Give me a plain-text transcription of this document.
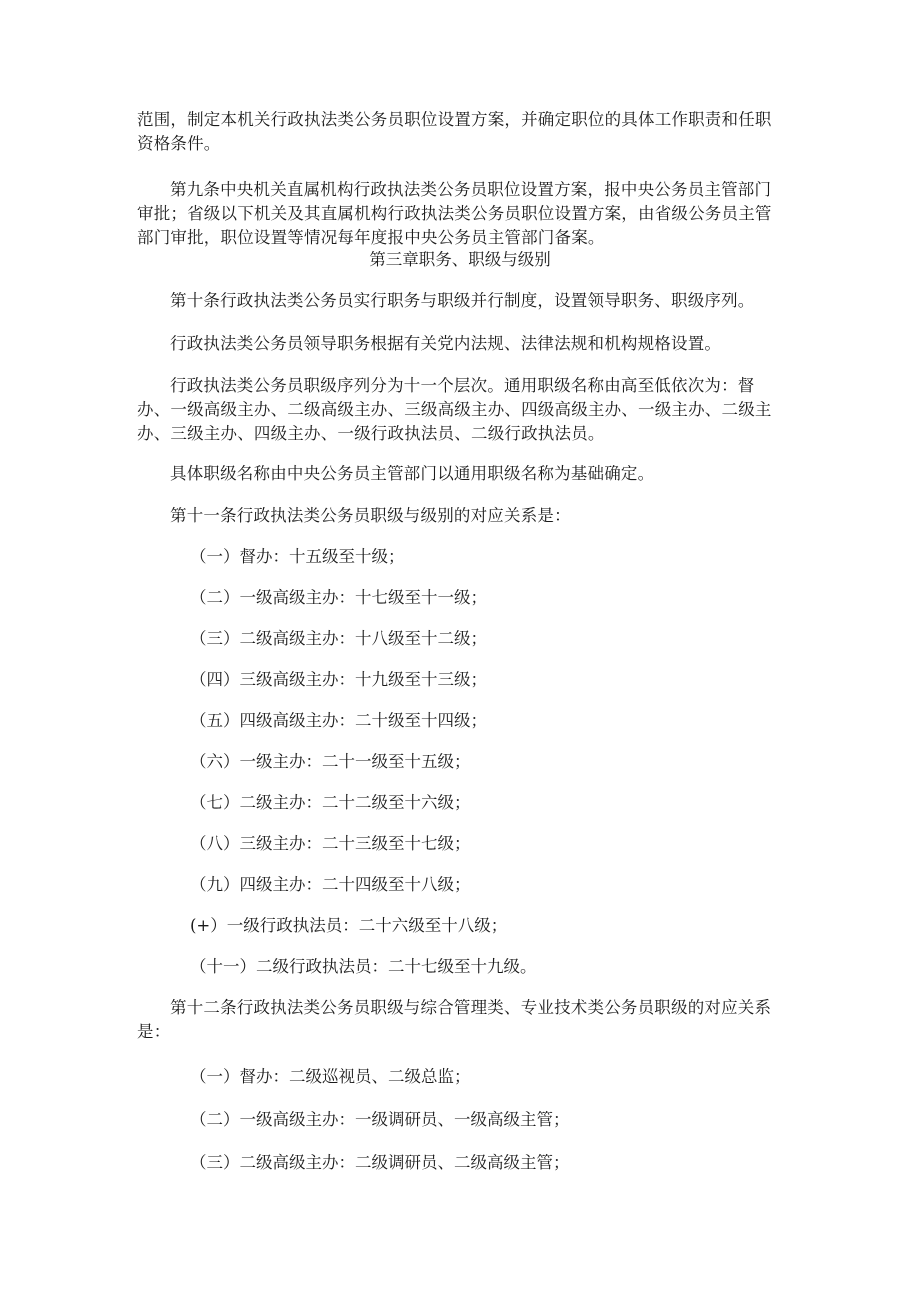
范围，制定本机关行政执法类公务员职位设置方案，并确定职位的具体工作职责和任职资格条件。
第九条中央机关直属机构行政执法类公务员职位设置方案，报中央公务员主管部门审批；省级以下机关及其直属机构行政执法类公务员职位设置方案，由省级公务员主管部门审批，职位设置等情况每年度报中央公务员主管部门备案。
第三章职务、职级与级别
第十条行政执法类公务员实行职务与职级并行制度，设置领导职务、职级序列。
行政执法类公务员领导职务根据有关党内法规、法律法规和机构规格设置。
行政执法类公务员职级序列分为十一个层次。通用职级名称由高至低依次为：督办、一级高级主办、二级高级主办、三级高级主办、四级高级主办、一级主办、二级主办、三级主办、四级主办、一级行政执法员、二级行政执法员。
具体职级名称由中央公务员主管部门以通用职级名称为基础确定。
第十一条行政执法类公务员职级与级别的对应关系是：
（一）督办：十五级至十级；
（二）一级高级主办：十七级至十一级；
（三）二级高级主办：十八级至十二级；
（四）三级高级主办：十九级至十三级；
（五）四级高级主办：二十级至十四级；
（六）一级主办：二十一级至十五级；
（七）二级主办：二十二级至十六级；
（八）三级主办：二十三级至十七级；
（九）四级主办：二十四级至十八级；
(+）一级行政执法员：二十六级至十八级；
（十一）二级行政执法员：二十七级至十九级。
第十二条行政执法类公务员职级与综合管理类、专业技术类公务员职级的对应关系是：
（一）督办：二级巡视员、二级总监；
（二）一级高级主办：一级调研员、一级高级主管；
（三）二级高级主办：二级调研员、二级高级主管；
